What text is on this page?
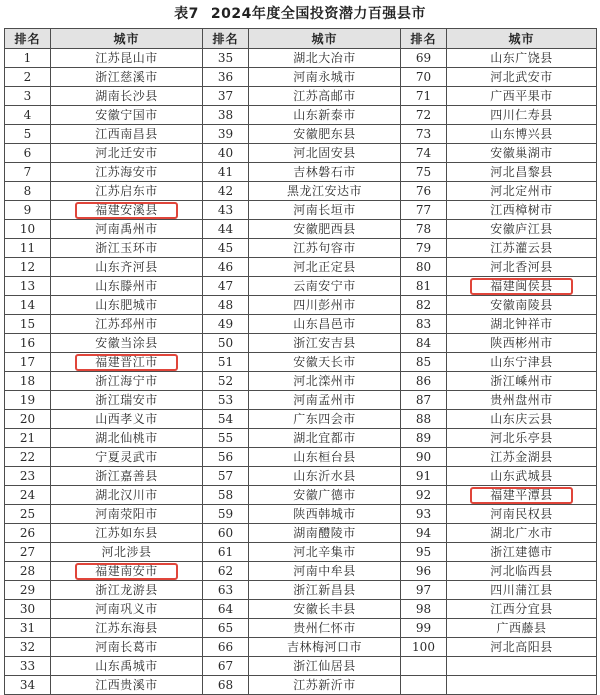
表7 2024年度全国投资潜力百强县市
排名	城市	排名	城市	排名	城市
1	江苏昆山市	35	湖北大冶市	69	山东广饶县
2	浙江慈溪市	36	河南永城市	70	河北武安市
3	湖南长沙县	37	江苏高邮市	71	广西平果市
4	安徽宁国市	38	山东新泰市	72	四川仁寿县
5	江西南昌县	39	安徽肥东县	73	山东博兴县
6	河北迁安市	40	河北固安县	74	安徽巢湖市
7	江苏海安市	41	吉林磐石市	75	河北昌黎县
8	江苏启东市	42	黑龙江安达市	76	河北定州市
9	福建安溪县	43	河南长垣市	77	江西樟树市
10	河南禹州市	44	安徽肥西县	78	安徽庐江县
11	浙江玉环市	45	江苏句容市	79	江苏灌云县
12	山东齐河县	46	河北正定县	80	河北香河县
13	山东滕州市	47	云南安宁市	81	福建闽侯县
14	山东肥城市	48	四川彭州市	82	安徽南陵县
15	江苏邳州市	49	山东昌邑市	83	湖北钟祥市
16	安徽当涂县	50	浙江安吉县	84	陕西彬州市
17	福建晋江市	51	安徽天长市	85	山东宁津县
18	浙江海宁市	52	河北滦州市	86	浙江嵊州市
19	浙江瑞安市	53	河南孟州市	87	贵州盘州市
20	山西孝义市	54	广东四会市	88	山东庆云县
21	湖北仙桃市	55	湖北宜都市	89	河北乐亭县
22	宁夏灵武市	56	山东桓台县	90	江苏金湖县
23	浙江嘉善县	57	山东沂水县	91	山东武城县
24	湖北汉川市	58	安徽广德市	92	福建平潭县
25	河南荥阳市	59	陕西韩城市	93	河南民权县
26	江苏如东县	60	湖南醴陵市	94	湖北广水市
27	河北涉县	61	河北辛集市	95	浙江建德市
28	福建南安市	62	河南中牟县	96	河北临西县
29	浙江龙游县	63	浙江新昌县	97	四川蒲江县
30	河南巩义市	64	安徽长丰县	98	江西分宜县
31	江苏东海县	65	贵州仁怀市	99	广西藤县
32	河南长葛市	66	吉林梅河口市	100	河北高阳县
33	山东禹城市	67	浙江仙居县		
34	江西贵溪市	68	江苏新沂市		
